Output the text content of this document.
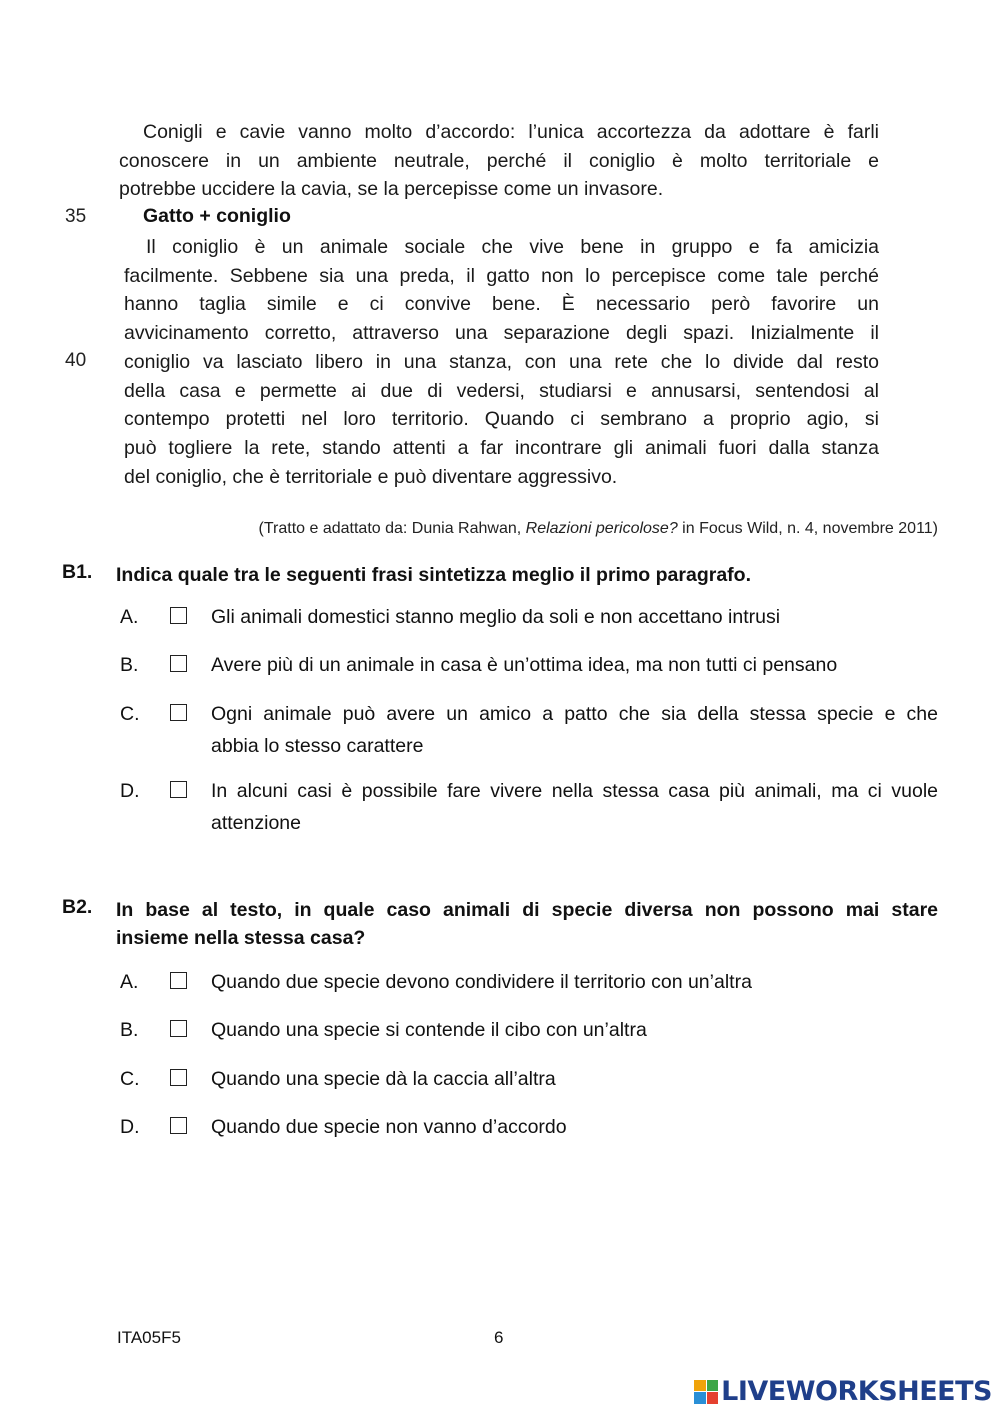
Conigli e cavie vanno molto d’accordo: l’unica accortezza da adottare è farli
conoscere in un ambiente neutrale, perché il coniglio è molto territoriale e
potrebbe uccidere la cavia, se la percepisse come un invasore.
35	Gatto + coniglio
Il coniglio è un animale sociale che vive bene in gruppo e fa amicizia
facilmente. Sebbene sia una preda, il gatto non lo percepisce come tale perché
hanno taglia simile e ci convive bene. È necessario però favorire un
avvicinamento corretto, attraverso una separazione degli spazi. Inizialmente il
coniglio va lasciato libero in una stanza, con una rete che lo divide dal resto
della casa e permette ai due di vedersi, studiarsi e annusarsi, sentendosi al
contempo protetti nel loro territorio. Quando ci sembrano a proprio agio, si
può togliere la rete, stando attenti a far incontrare gli animali fuori dalla stanza
del coniglio, che è territoriale e può diventare aggressivo.
40
(Tratto e adattato da: Dunia Rahwan, Relazioni pericolose? in Focus Wild, n. 4, novembre 2011)
B1. Indica quale tra le seguenti frasi sintetizza meglio il primo paragrafo.
A.	Gli animali domestici stanno meglio da soli e non accettano intrusi
B.	Avere più di un animale in casa è un’ottima idea, ma non tutti ci pensano
C.	Ogni animale può avere un amico a patto che sia della stessa specie e che
abbia lo stesso carattere
D.	In alcuni casi è possibile fare vivere nella stessa casa più animali, ma ci vuole
attenzione
B2. In base al testo, in quale caso animali di specie diversa non possono mai stare
insieme nella stessa casa?
A.	Quando due specie devono condividere il territorio con un’altra
B.	Quando una specie si contende il cibo con un’altra
C.	Quando una specie dà la caccia all’altra
D.	Quando due specie non vanno d’accordo
ITA05F5	6
LIVEWORKSHEETS
